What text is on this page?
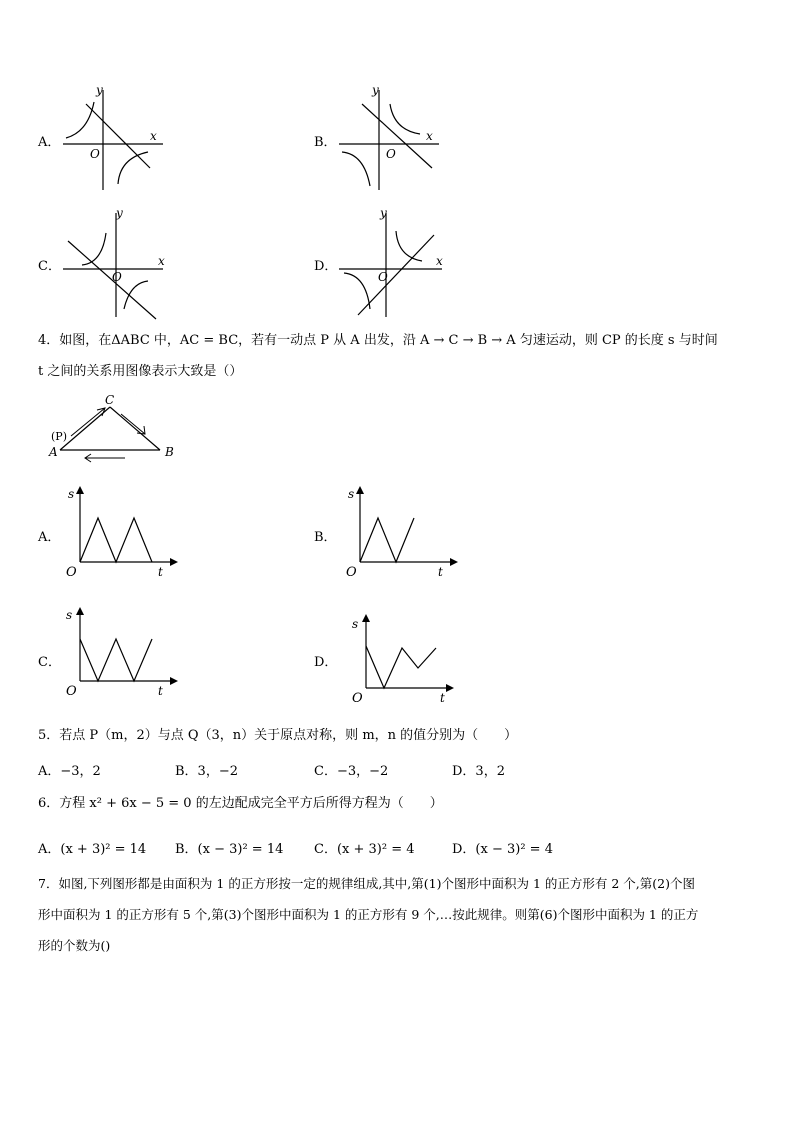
A．
y
x
O
B．
y
x
O
C．
y
x
O
D．
y
x
O
4．如图，在ΔABC 中，AC = BC，若有一动点 P 从 A 出发，沿 A → C → B → A 匀速运动，则 CP 的长度 s 与时间
t 之间的关系用图像表示大致是（）
C
A	B
(P)
A．
s
O	t
B．
s
O	t
C．
s
O	t
D．
s
O	t
5．若点 P（m，2）与点 Q（3，n）关于原点对称，则 m，n 的值分别为（　　）
A．−3，2	B．3，−2	C．−3，−2	D．3，2
6．方程 x² + 6x − 5 = 0 的左边配成完全平方后所得方程为（　　）
A．(x + 3)² = 14 B．(x − 3)² = 14 C．(x + 3)² = 4	D．(x − 3)² = 4
7．如图,下列图形都是由面积为 1 的正方形按一定的规律组成,其中,第(1)个图形中面积为 1 的正方形有 2 个,第(2)个图
形中面积为 1 的正方形有 5 个,第(3)个图形中面积为 1 的正方形有 9 个,…按此规律。则第(6)个图形中面积为 1 的正方
形的个数为()
